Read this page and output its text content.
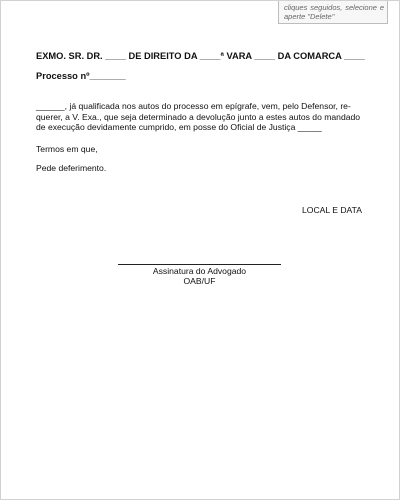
cliques seguidos, selecione e aperte "Delete"
EXMO. SR. DR. ____ DE DIREITO DA ____ª VARA ____ DA COMARCA ____
Processo nº_______
______, já qualificada nos autos do processo em epígrafe, vem, pelo Defensor, re-
querer, a V. Exa., que seja determinado a devolução junto a estes autos do mandado
de execução devidamente cumprido, em posse do Oficial de Justiça _____
Termos em que,
Pede deferimento.
LOCAL E DATA
Assinatura do Advogado
OAB/UF
